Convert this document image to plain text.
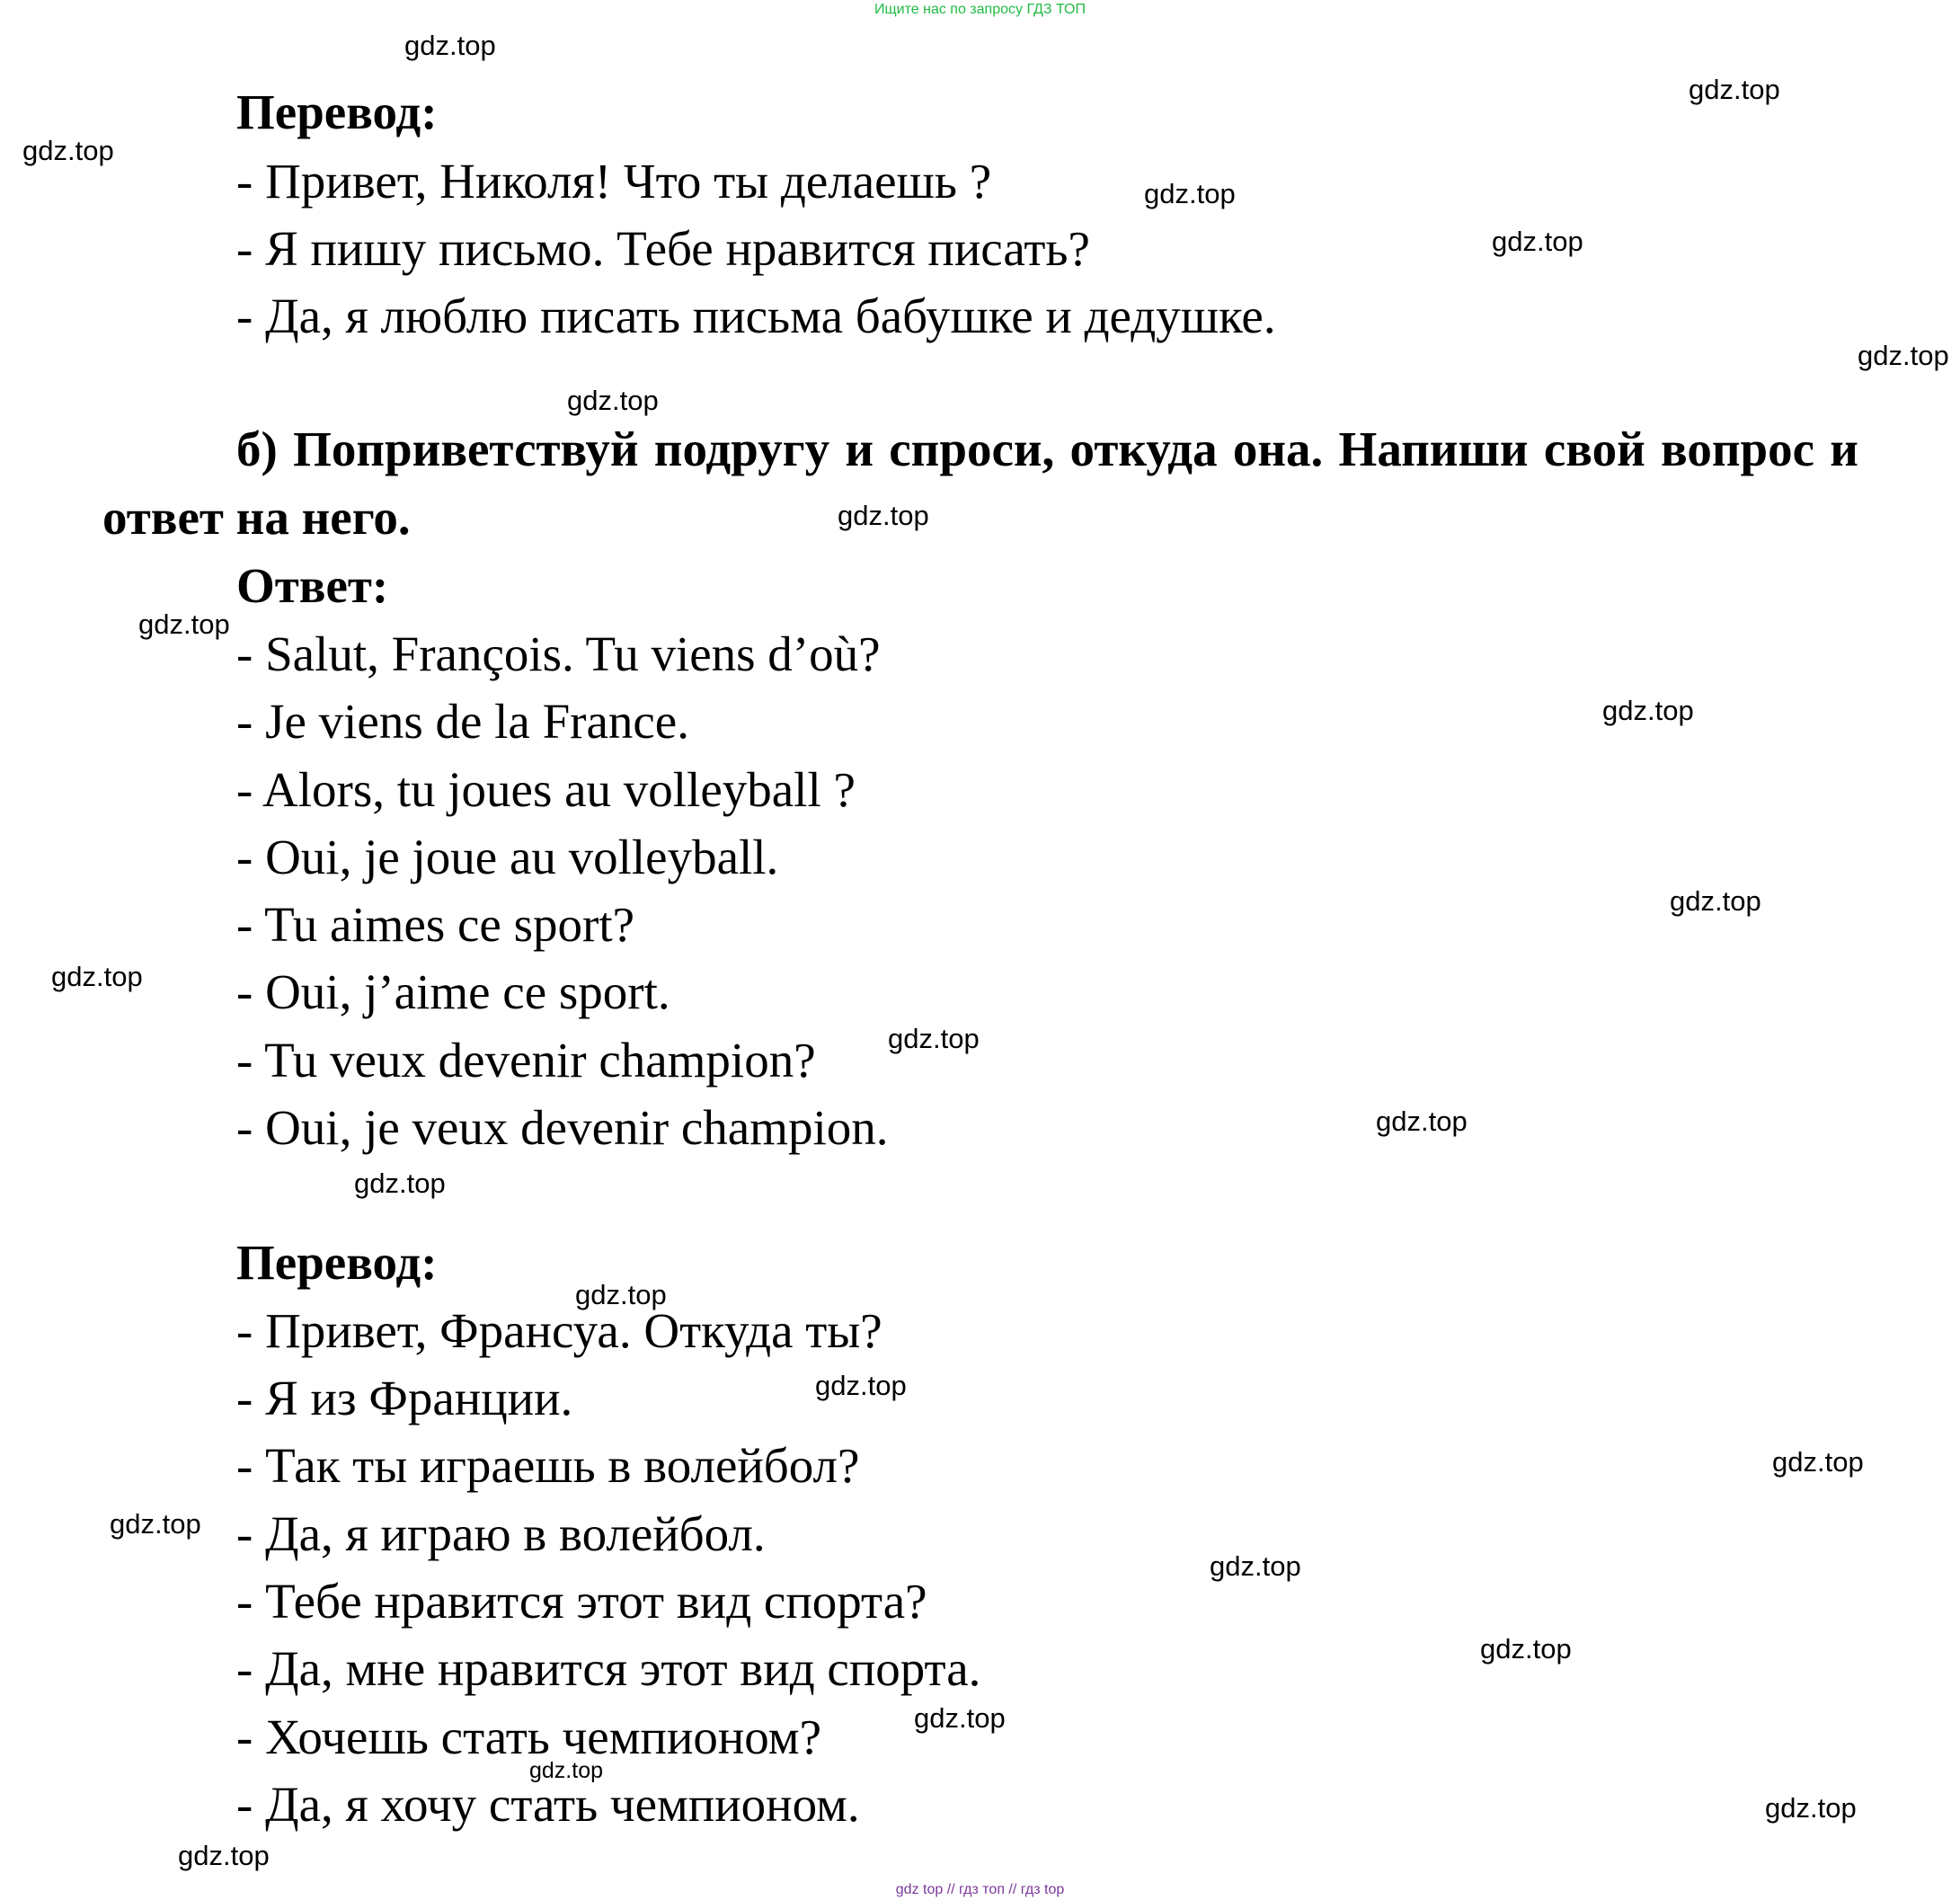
Ищите нас по запросу ГДЗ ТОП
Перевод:
- Привет, Николя! Что ты делаешь ?
- Я пишу письмо. Тебе нравится писать?
- Да, я люблю писать письма бабушке и дедушке.
б) Поприветствуй подругу и спроси, откуда она. Напиши свой вопрос и ответ на него.
Ответ:
- Salut, François. Tu viens d’où?
- Je viens de la France.
- Alors, tu joues au volleyball ?
- Oui, je joue au volleyball.
- Tu aimes ce sport?
- Oui, j’aime ce sport.
- Tu veux devenir champion?
- Oui, je veux devenir champion.
Перевод:
- Привет, Франсуа. Откуда ты?
- Я из Франции.
- Так ты играешь в волейбол?
- Да, я играю в волейбол.
- Тебе нравится этот вид спорта?
- Да, мне нравится этот вид спорта.
- Хочешь стать чемпионом?
- Да, я хочу стать чемпионом.
gdz.top
gdz.top
gdz.top
gdz.top
gdz.top
gdz.top
gdz.top
gdz.top
gdz.top
gdz.top
gdz.top
gdz.top
gdz.top
gdz.top
gdz.top
gdz.top
gdz.top
gdz.top
gdz.top
gdz.top
gdz.top
gdz.top
gdz.top
gdz.top
gdz.top
gdz top // гдз топ // гдз top
